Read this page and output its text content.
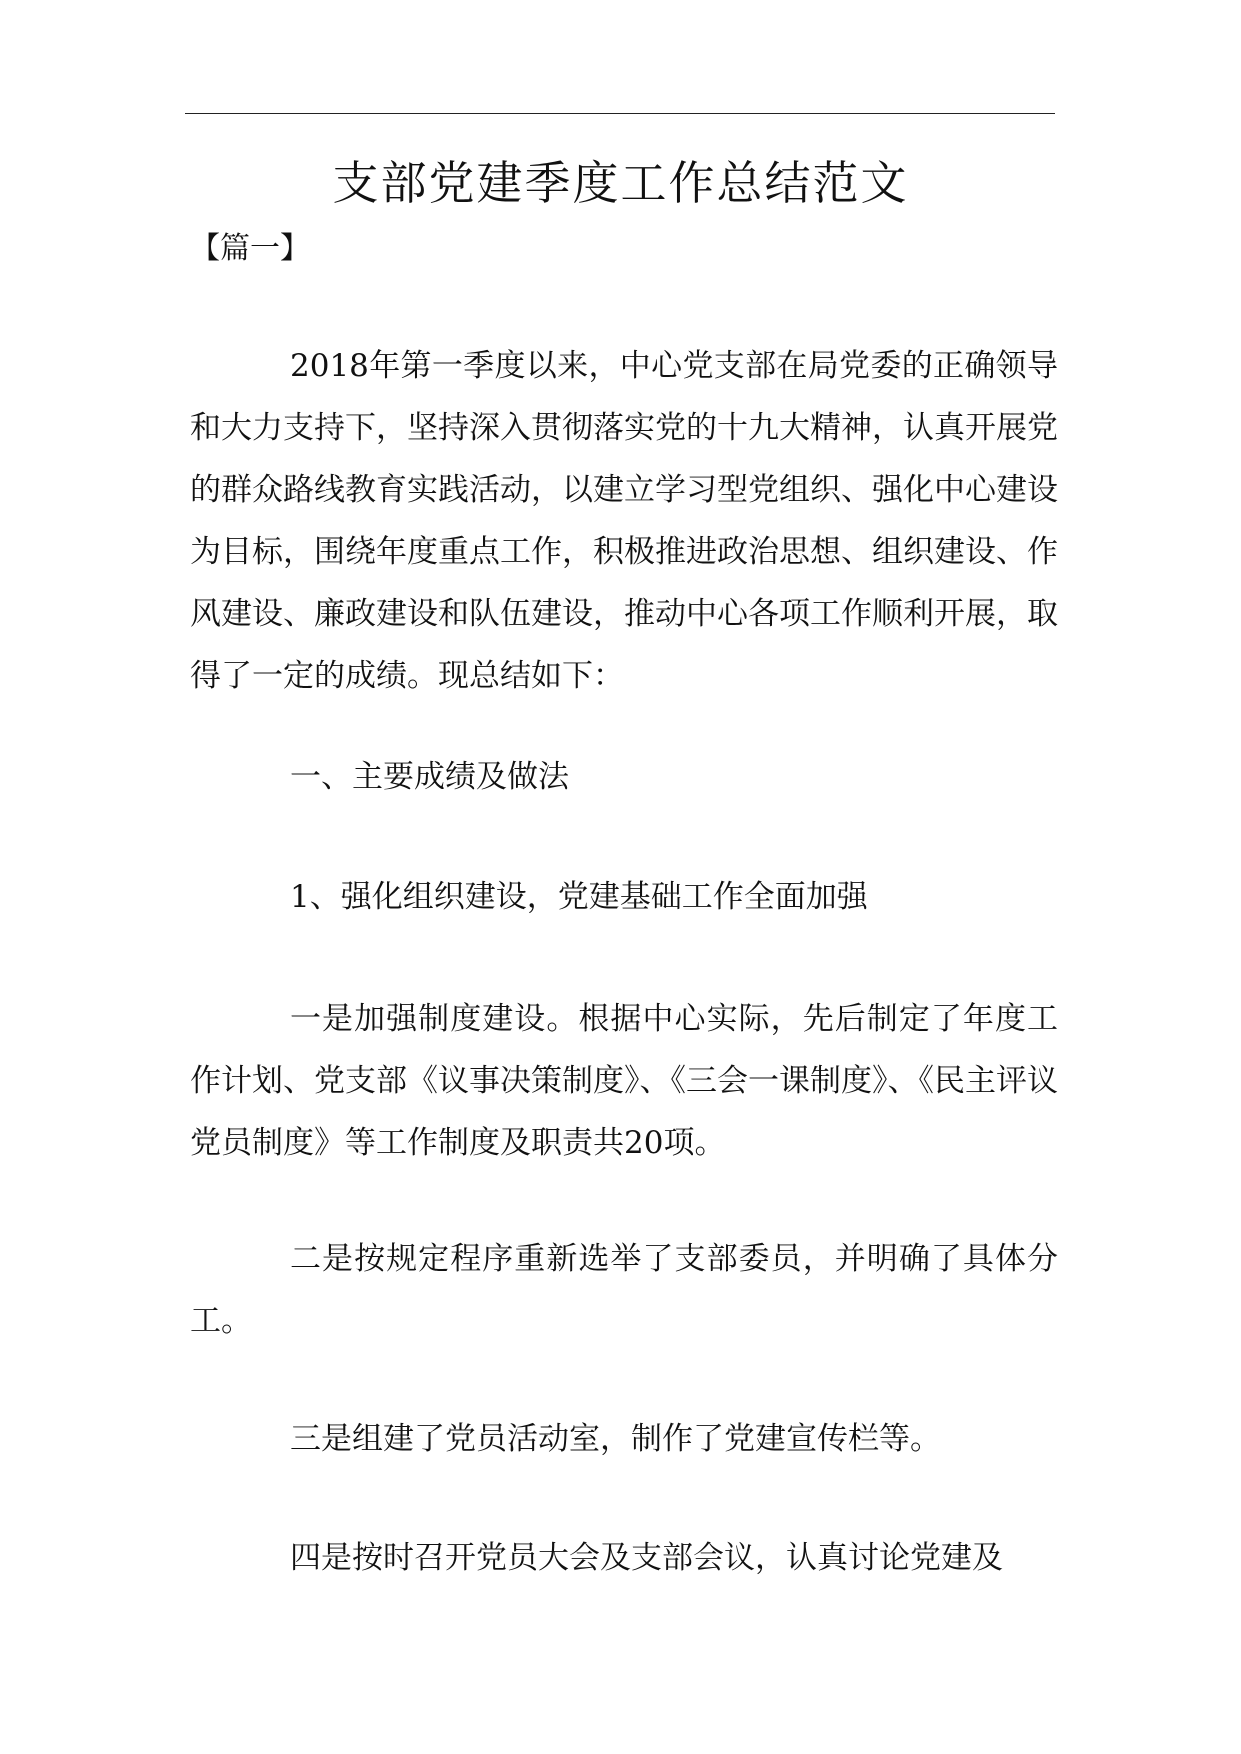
支部党建季度工作总结范文
【篇一】

2018年第一季度以来，中心党支部在局党委的正确领导和大力支持下，坚持深入贯彻落实党的十九大精神，认真开展党的群众路线教育实践活动，以建立学习型党组织、强化中心建设为目标，围绕年度重点工作，积极推进政治思想、组织建设、作风建设、廉政建设和队伍建设，推动中心各项工作顺利开展，取得了一定的成绩。现总结如下：

一、主要成绩及做法

1、强化组织建设，党建基础工作全面加强

一是加强制度建设。根据中心实际，先后制定了年度工作计划、党支部《议事决策制度》、《三会一课制度》、《民主评议党员制度》等工作制度及职责共20项。

二是按规定程序重新选举了支部委员，并明确了具体分工。

三是组建了党员活动室，制作了党建宣传栏等。

四是按时召开党员大会及支部会议，认真讨论党建及
